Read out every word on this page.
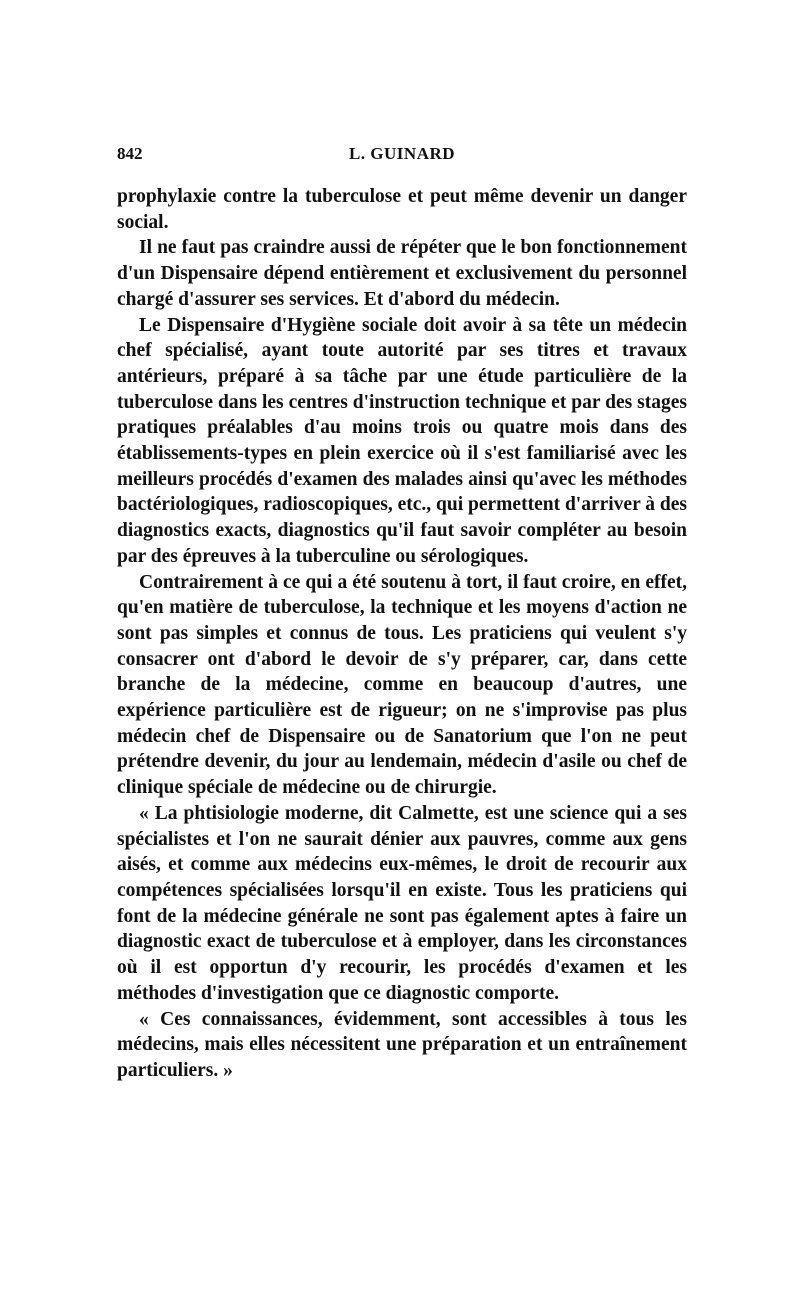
842	L. GUINARD

prophylaxie contre la tuberculose et peut même devenir un danger social.

Il ne faut pas craindre aussi de répéter que le bon fonctionnement d'un Dispensaire dépend entièrement et exclusivement du personnel chargé d'assurer ses services. Et d'abord du médecin.

Le Dispensaire d'Hygiène sociale doit avoir à sa tête un médecin chef spécialisé, ayant toute autorité par ses titres et travaux antérieurs, préparé à sa tâche par une étude particulière de la tuberculose dans les centres d'instruction technique et par des stages pratiques préalables d'au moins trois ou quatre mois dans des établissements-types en plein exercice où il s'est familiarisé avec les meilleurs procédés d'examen des malades ainsi qu'avec les méthodes bactériologiques, radioscopiques, etc., qui permettent d'arriver à des diagnostics exacts, diagnostics qu'il faut savoir compléter au besoin par des épreuves à la tuberculine ou sérologiques.

Contrairement à ce qui a été soutenu à tort, il faut croire, en effet, qu'en matière de tuberculose, la technique et les moyens d'action ne sont pas simples et connus de tous. Les praticiens qui veulent s'y consacrer ont d'abord le devoir de s'y préparer, car, dans cette branche de la médecine, comme en beaucoup d'autres, une expérience particulière est de rigueur; on ne s'improvise pas plus médecin chef de Dispensaire ou de Sanatorium que l'on ne peut prétendre devenir, du jour au lendemain, médecin d'asile ou chef de clinique spéciale de médecine ou de chirurgie.

« La phtisiologie moderne, dit Calmette, est une science qui a ses spécialistes et l'on ne saurait dénier aux pauvres, comme aux gens aisés, et comme aux médecins eux-mêmes, le droit de recourir aux compétences spécialisées lorsqu'il en existe. Tous les praticiens qui font de la médecine générale ne sont pas également aptes à faire un diagnostic exact de tuberculose et à employer, dans les circonstances où il est opportun d'y recourir, les procédés d'examen et les méthodes d'investigation que ce diagnostic comporte.

« Ces connaissances, évidemment, sont accessibles à tous les médecins, mais elles nécessitent une préparation et un entraînement particuliers. »
